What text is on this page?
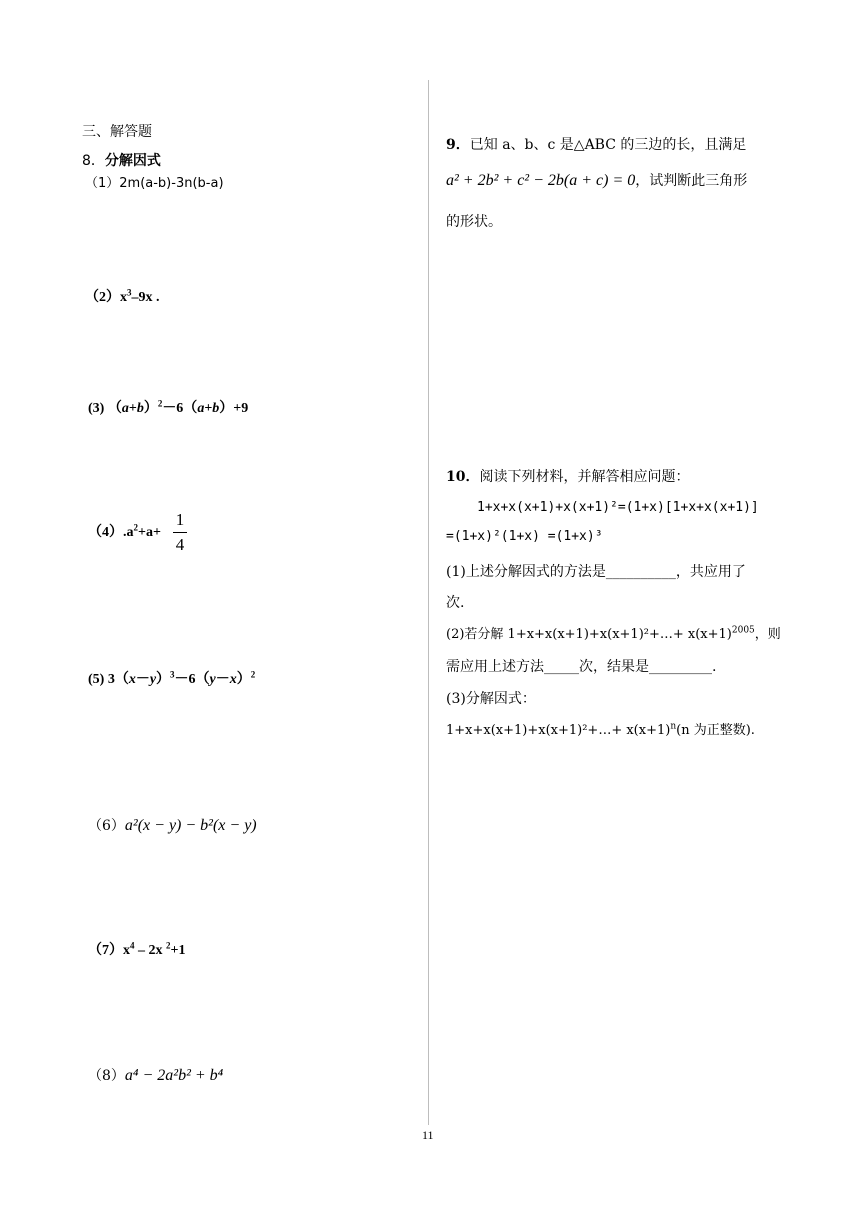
三、解答题
8．分解因式
（1）2m(a-b)-3n(b-a)
$(2)x^3-9x$ .
(3) $(a+b)^2-6(a+b)+9$
$(4).a^2+a+$
1
4
(5) $3(x-y)^3-6(y-x)^2$
（6）a²(x − y) − b²(x − y)
$(7)x^4 - 2x$ $^2$+1
（8）a⁴ − 2a²b² + b⁴
9．已知 a、b、c 是△ABC 的三边的长，且满足
a² + 2b² + c² − 2b(a + c) = 0，试判断此三角形
的形状。
10．阅读下列材料，并解答相应问题：
1+x+x(x+1)+x(x+1)²=(1+x)[1+x+x(x+1)]
=(1+x)²(1+x) =(1+x)³
(1)上述分解因式的方法是__________，共应用了
次.
(2)若分解 1+x+x(x+1)+x(x+1)²+…+ $x(x+1)^{2005}$，则
需应用上述方法_____次，结果是_________.
(3)分解因式：
1+x+x(x+1)+x(x+1)²+…+ $x(x+1)^n(n$ 为正整数).
11
